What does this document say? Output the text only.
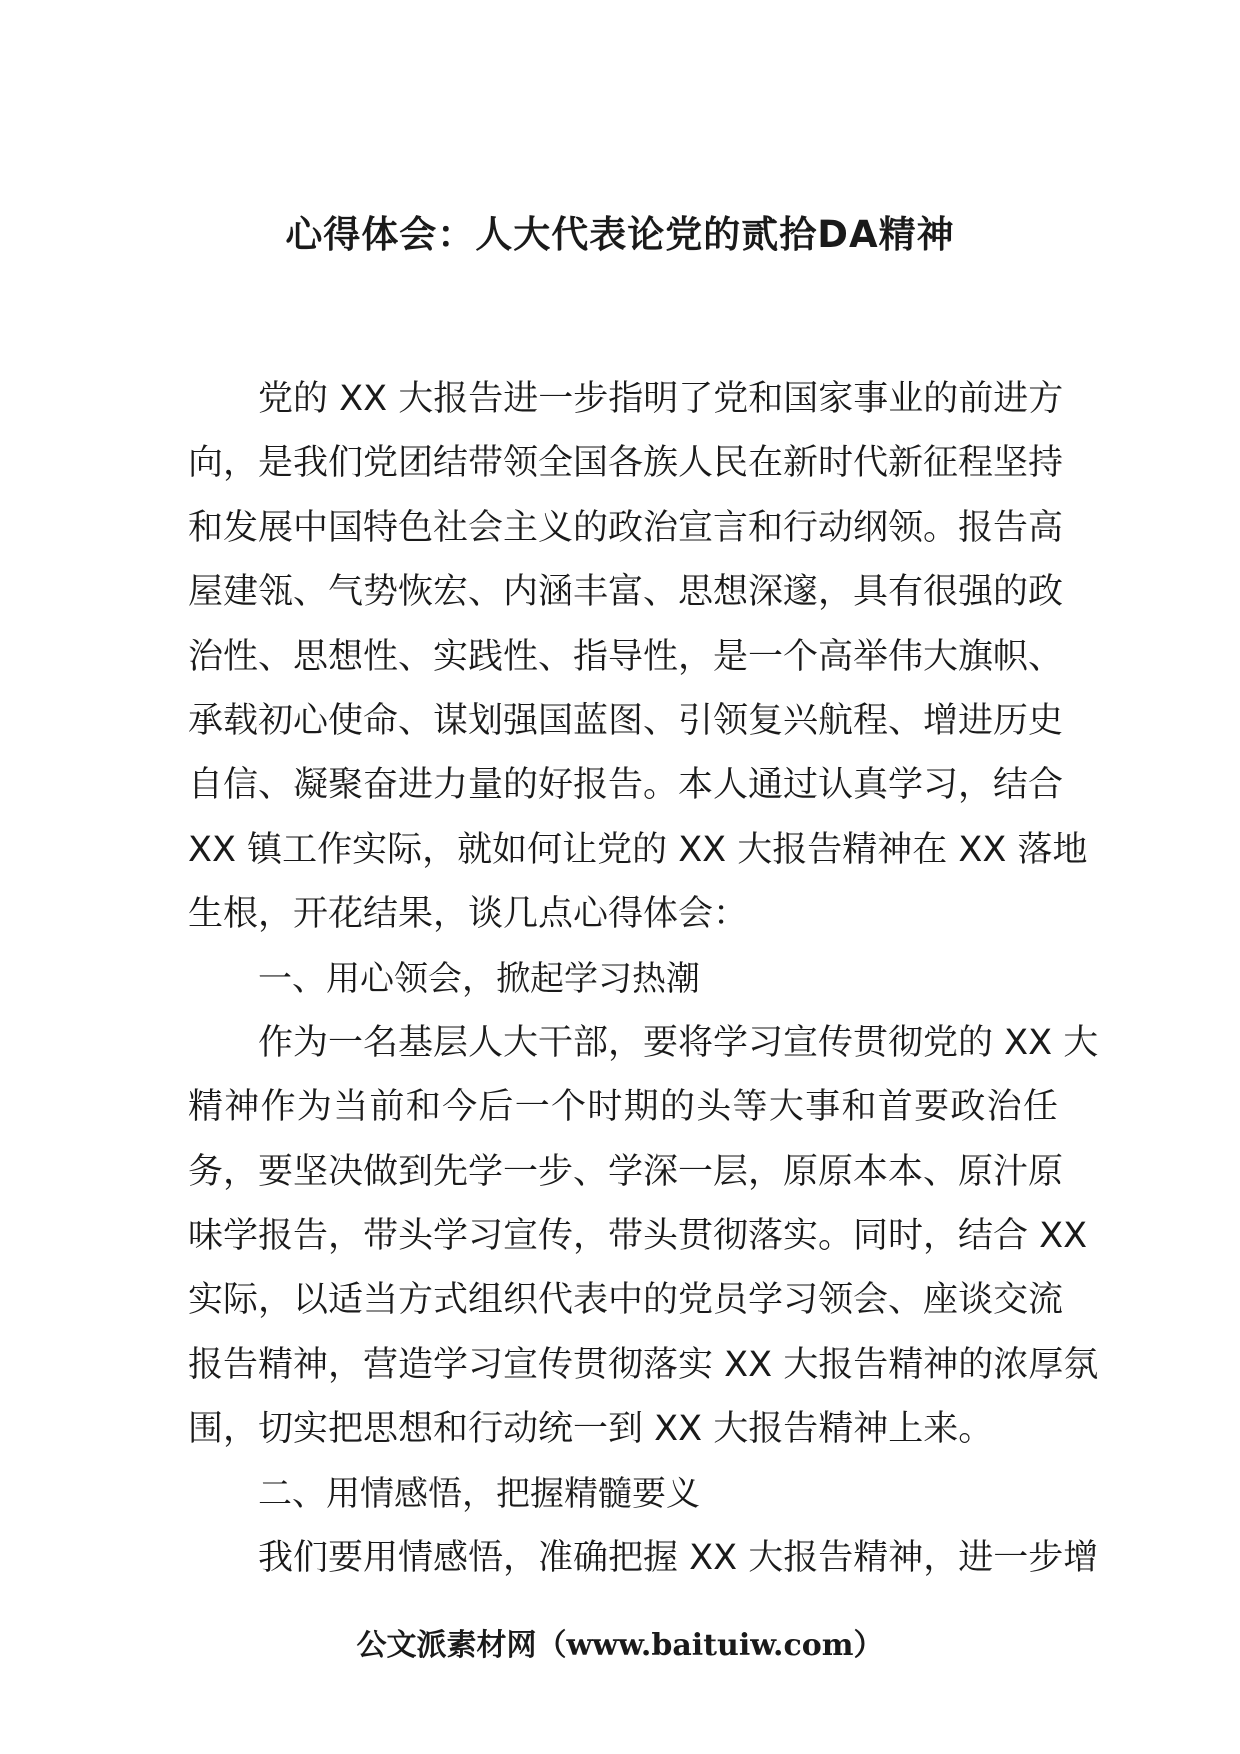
心得体会：人大代表论党的贰拾DA精神
党的 XX 大报告进一步指明了党和国家事业的前进方
向，是我们党团结带领全国各族人民在新时代新征程坚持
和发展中国特色社会主义的政治宣言和行动纲领。报告高
屋建瓴、气势恢宏、内涵丰富、思想深邃，具有很强的政
治性、思想性、实践性、指导性，是一个高举伟大旗帜、
承载初心使命、谋划强国蓝图、引领复兴航程、增进历史
自信、凝聚奋进力量的好报告。本人通过认真学习，结合
XX 镇工作实际，就如何让党的 XX 大报告精神在 XX 落地
生根，开花结果，谈几点心得体会：
一、用心领会，掀起学习热潮
作为一名基层人大干部，要将学习宣传贯彻党的 XX 大
精神作为当前和今后一个时期的头等大事和首要政治任
务，要坚决做到先学一步、学深一层，原原本本、原汁原
味学报告，带头学习宣传，带头贯彻落实。同时，结合 XX
实际，以适当方式组织代表中的党员学习领会、座谈交流
报告精神，营造学习宣传贯彻落实 XX 大报告精神的浓厚氛
围，切实把思想和行动统一到 XX 大报告精神上来。
二、用情感悟，把握精髓要义
我们要用情感悟，准确把握 XX 大报告精神，进一步增
公文派素材网（www.baituiw.com）
